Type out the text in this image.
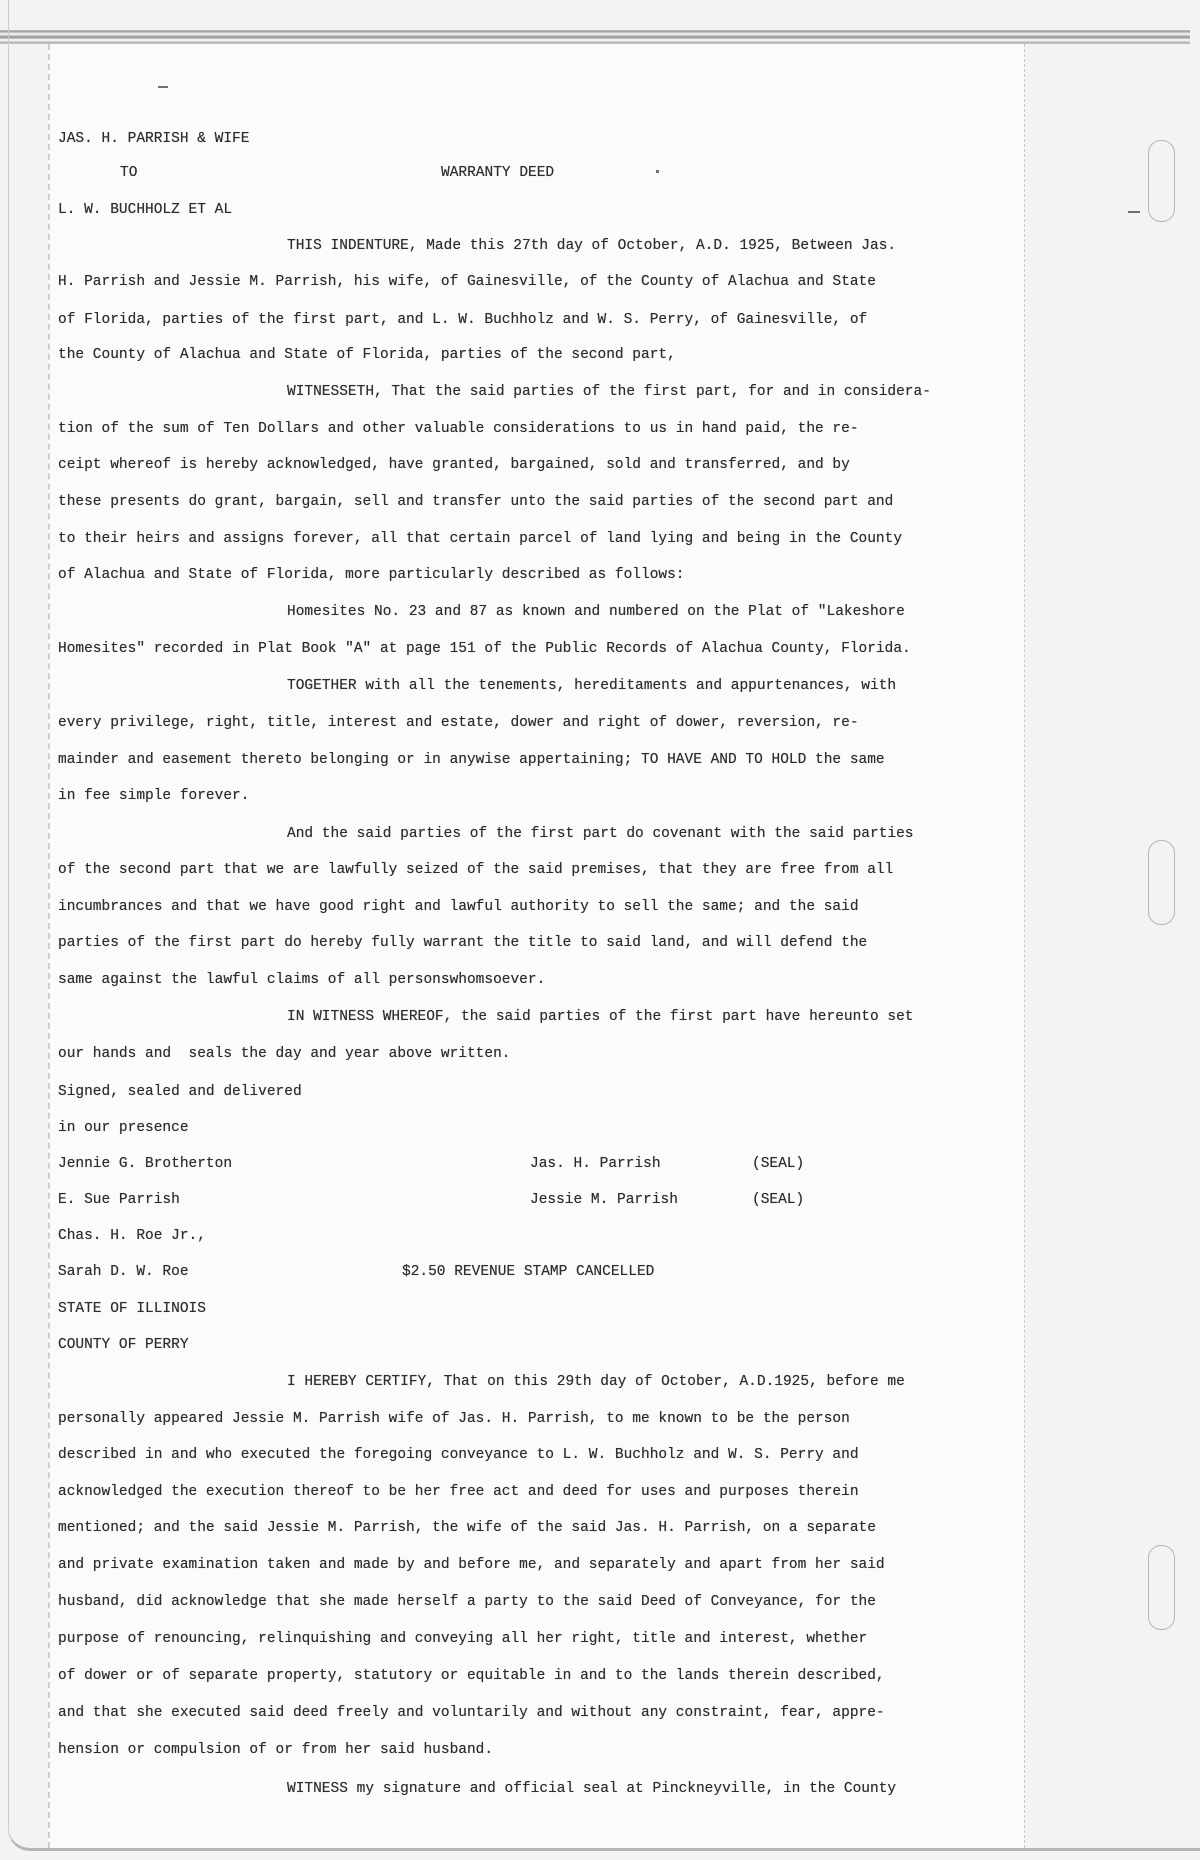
JAS. H. PARRISH & WIFE
TO	WARRANTY DEED
L. W. BUCHHOLZ ET AL
THIS INDENTURE, Made this 27th day of October, A.D. 1925, Between Jas.
H. Parrish and Jessie M. Parrish, his wife, of Gainesville, of the County of Alachua and State
of Florida, parties of the first part, and L. W. Buchholz and W. S. Perry, of Gainesville, of
the County of Alachua and State of Florida, parties of the second part,
WITNESSETH, That the said parties of the first part, for and in considera-
tion of the sum of Ten Dollars and other valuable considerations to us in hand paid, the re-
ceipt whereof is hereby acknowledged, have granted, bargained, sold and transferred, and by
these presents do grant, bargain, sell and transfer unto the said parties of the second part and
to their heirs and assigns forever, all that certain parcel of land lying and being in the County
of Alachua and State of Florida, more particularly described as follows:
Homesites No. 23 and 87 as known and numbered on the Plat of "Lakeshore
Homesites" recorded in Plat Book "A" at page 151 of the Public Records of Alachua County, Florida.
TOGETHER with all the tenements, hereditaments and appurtenances, with
every privilege, right, title, interest and estate, dower and right of dower, reversion, re-
mainder and easement thereto belonging or in anywise appertaining; TO HAVE AND TO HOLD the same
in fee simple forever.
And the said parties of the first part do covenant with the said parties
of the second part that we are lawfully seized of the said premises, that they are free from all
incumbrances and that we have good right and lawful authority to sell the same; and the said
parties of the first part do hereby fully warrant the title to said land, and will defend the
same against the lawful claims of all personswhomsoever.
IN WITNESS WHEREOF, the said parties of the first part have hereunto set
our hands and  seals the day and year above written.
Signed, sealed and delivered
in our presence
Jennie G. Brotherton	Jas. H. Parrish	(SEAL)
E. Sue Parrish	Jessie M. Parrish	(SEAL)
Chas. H. Roe Jr.,
Sarah D. W. Roe	$2.50 REVENUE STAMP CANCELLED
STATE OF ILLINOIS
COUNTY OF PERRY
I HEREBY CERTIFY, That on this 29th day of October, A.D.1925, before me
personally appeared Jessie M. Parrish wife of Jas. H. Parrish, to me known to be the person
described in and who executed the foregoing conveyance to L. W. Buchholz and W. S. Perry and
acknowledged the execution thereof to be her free act and deed for uses and purposes therein
mentioned; and the said Jessie M. Parrish, the wife of the said Jas. H. Parrish, on a separate
and private examination taken and made by and before me, and separately and apart from her said
husband, did acknowledge that she made herself a party to the said Deed of Conveyance, for the
purpose of renouncing, relinquishing and conveying all her right, title and interest, whether
of dower or of separate property, statutory or equitable in and to the lands therein described,
and that she executed said deed freely and voluntarily and without any constraint, fear, appre-
hension or compulsion of or from her said husband.
WITNESS my signature and official seal at Pinckneyville, in the County
